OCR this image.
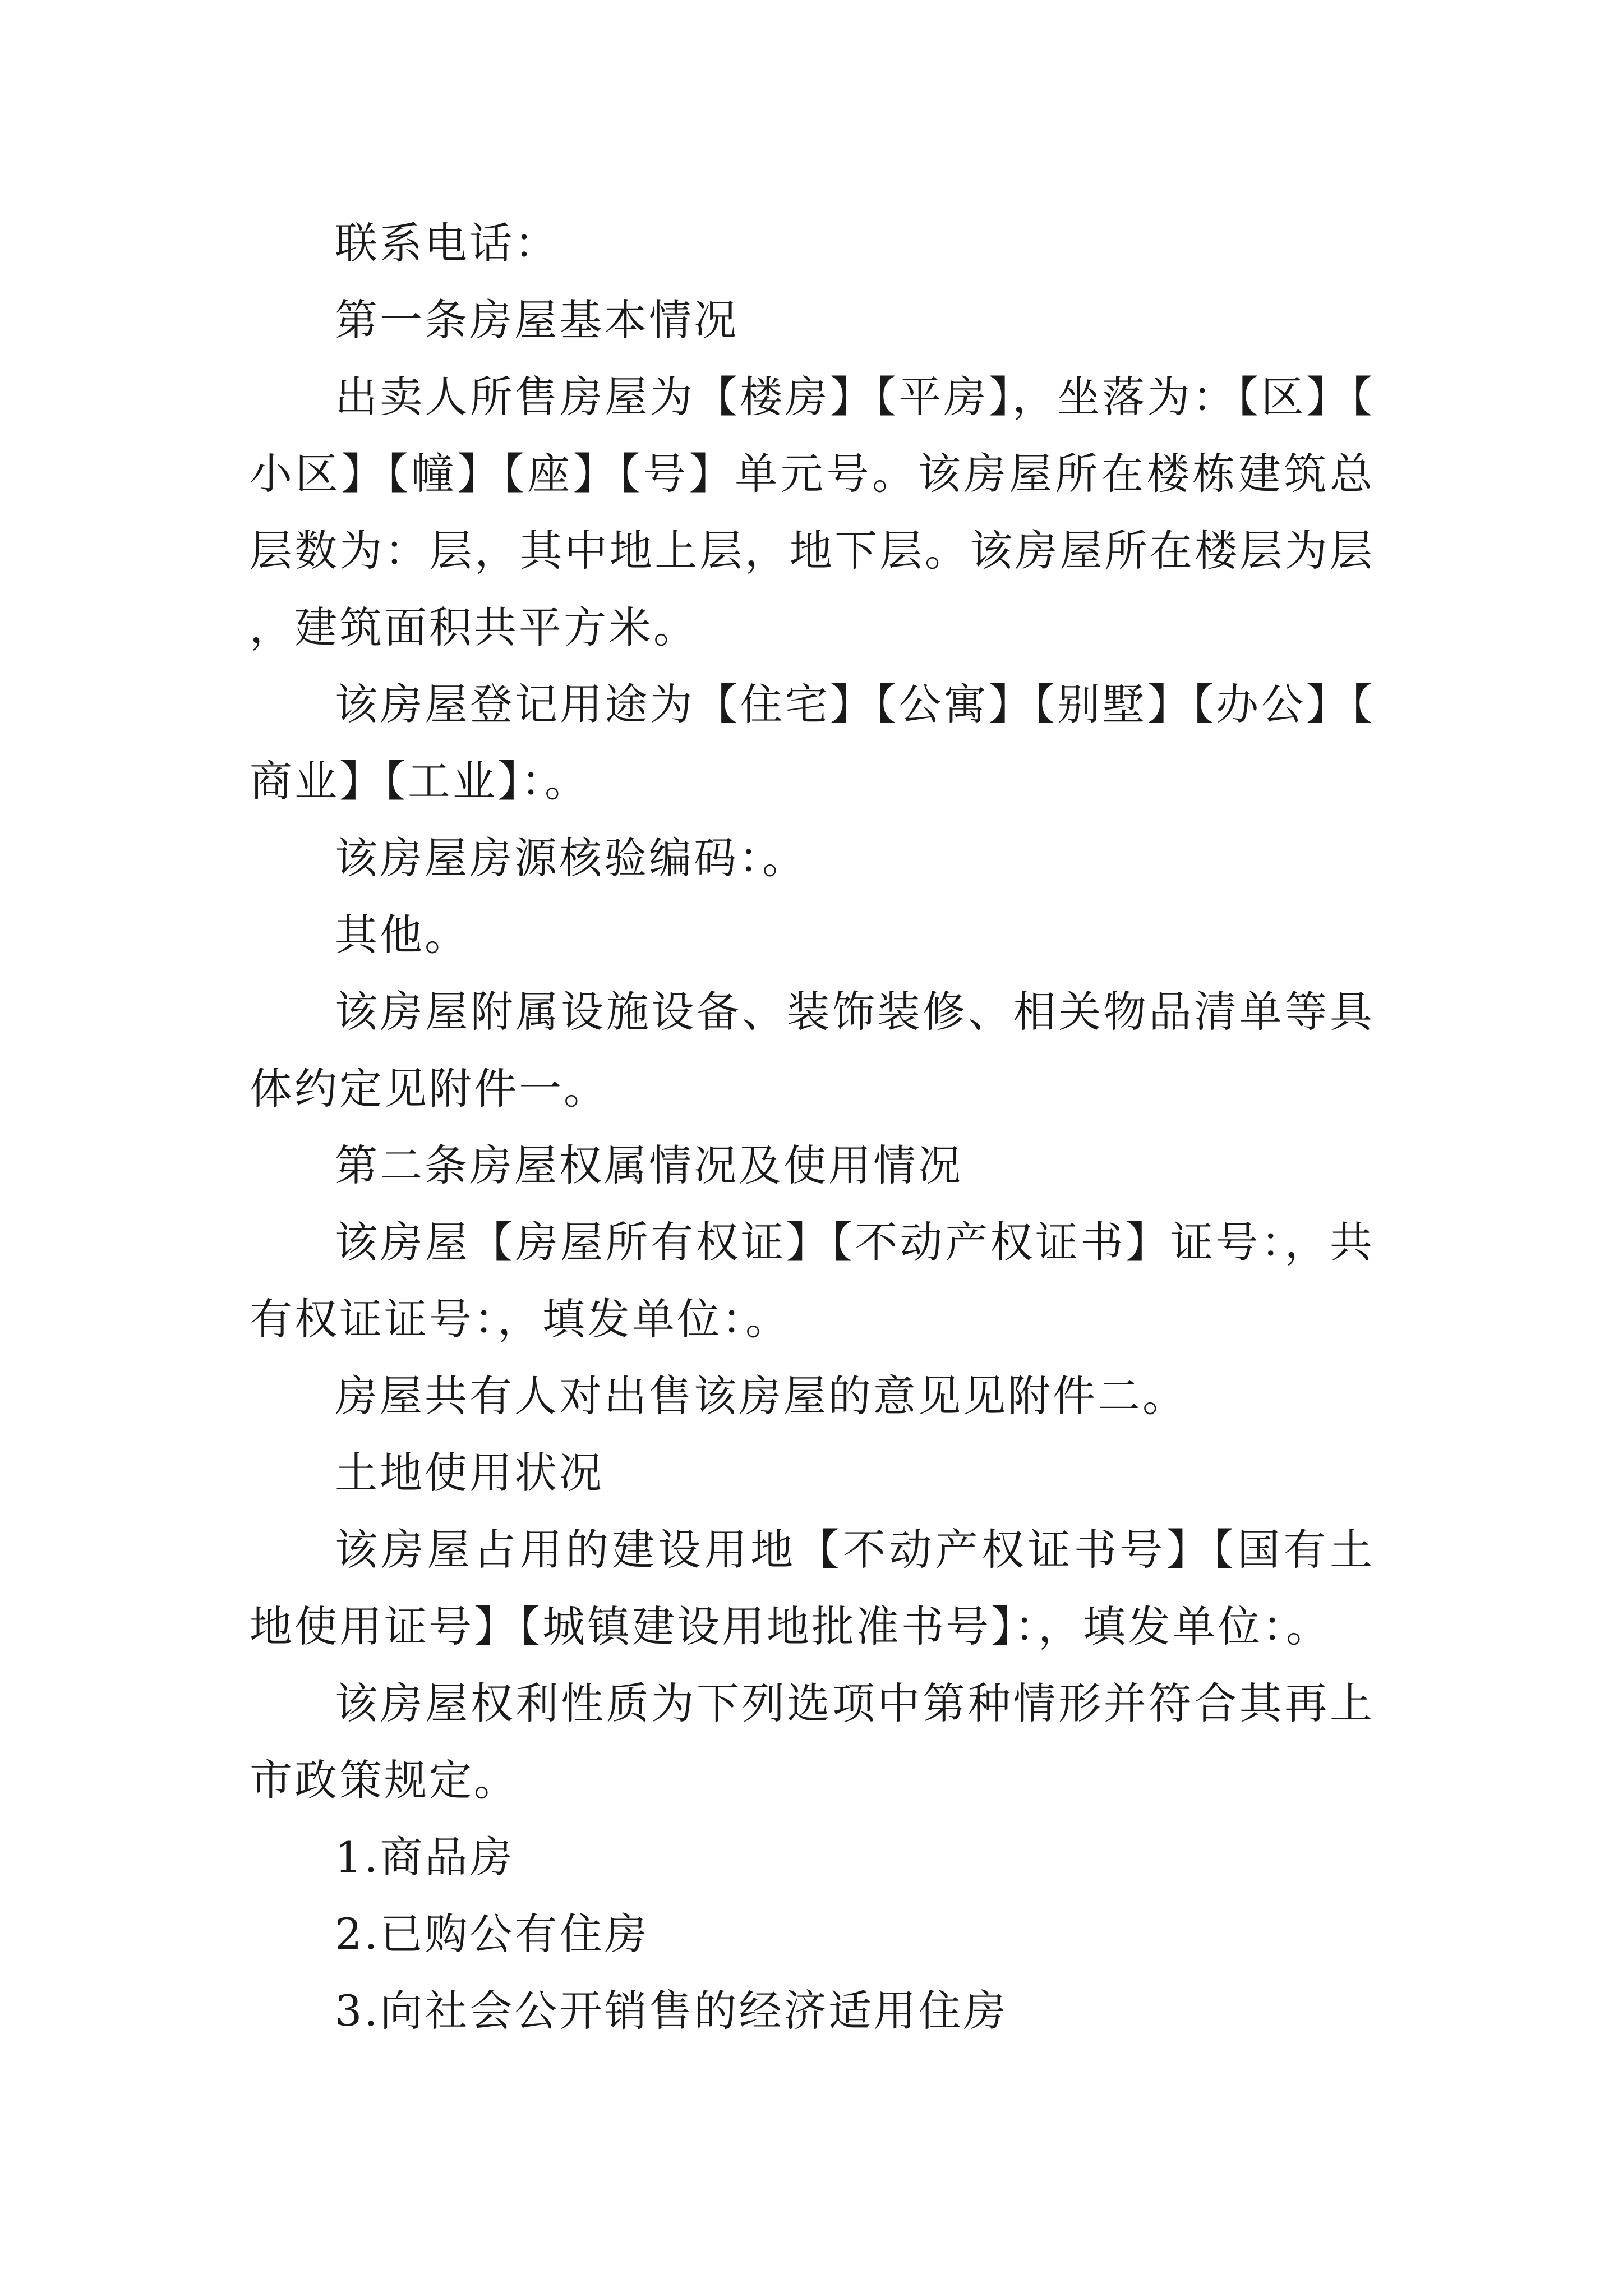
联系电话：

第一条房屋基本情况

出卖人所售房屋为【楼房】【平房】，坐落为：【区】【小区】【幢】【座】【号】单元号。该房屋所在楼栋建筑总层数为：层，其中地上层，地下层。该房屋所在楼层为层，建筑面积共平方米。

该房屋登记用途为【住宅】【公寓】【别墅】【办公】【商业】【工业】：。

该房屋房源核验编码：。

其他。

该房屋附属设施设备、装饰装修、相关物品清单等具体约定见附件一。

第二条房屋权属情况及使用情况

该房屋【房屋所有权证】【不动产权证书】证号：，共有权证证号：，填发单位：。

房屋共有人对出售该房屋的意见见附件二。

土地使用状况

该房屋占用的建设用地【不动产权证书号】【国有土地使用证号】【城镇建设用地批准书号】：，填发单位：。

该房屋权利性质为下列选项中第种情形并符合其再上市政策规定。

1.商品房

2.已购公有住房

3.向社会公开销售的经济适用住房
